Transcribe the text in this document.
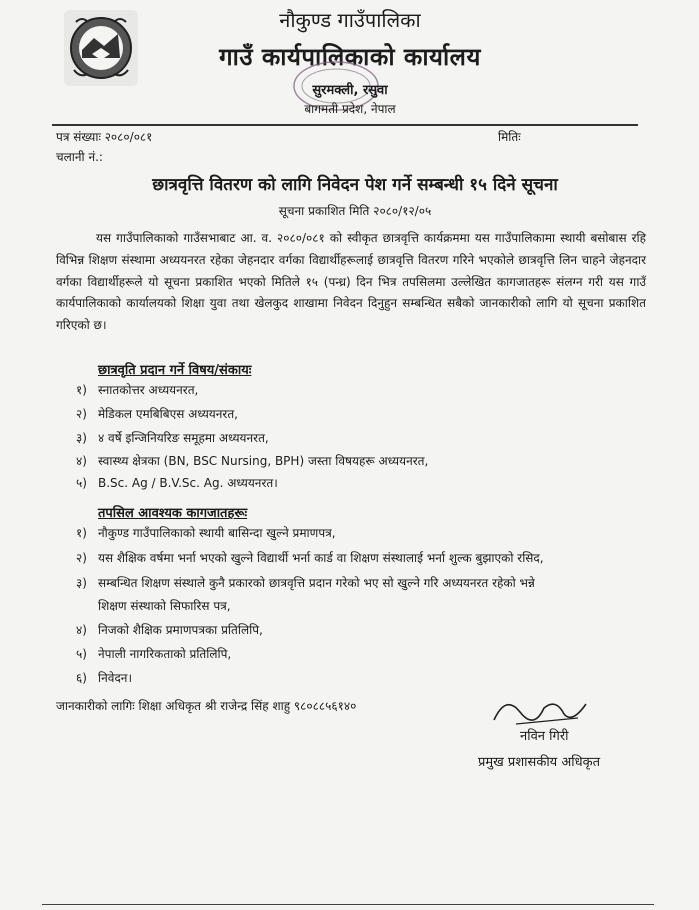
नौकुण्ड गाउँपालिका
गाउँ कार्यपालिकाको कार्यालय
सुरमक्ली, रसुवा
बागमती प्रदेश, नेपाल
पत्र संख्याः २०८०/०८१	मितिः
चलानी नं.:
छात्रवृत्ति वितरण को लागि निवेदन पेश गर्ने सम्बन्धी १५ दिने सूचना
सूचना प्रकाशित मिति २०८०/१२/०५
यस गाउँपालिकाको गाउँसभाबाट आ. व. २०८०/०८१ को स्वीकृत छात्रवृत्ति कार्यक्रममा यस गाउँपालिकामा स्थायी बसोबास रहि विभिन्न शिक्षण संस्थामा अध्ययनरत रहेका जेहनदार वर्गका विद्यार्थीहरूलाई छात्रवृत्ति वितरण गरिने भएकोले छात्रवृत्ति लिन चाहने जेहनदार वर्गका विद्यार्थीहरूले यो सूचना प्रकाशित भएको मितिले १५ (पन्ध्र) दिन भित्र तपसिलमा उल्लेखित कागजातहरू संलग्न गरी यस गाउँ कार्यपालिकाको कार्यालयको शिक्षा युवा तथा खेलकुद शाखामा निवेदन दिनुहुन सम्बन्धित सबैको जानकारीको लागि यो सूचना प्रकाशित गरिएको छ।
छात्रवृति प्रदान गर्ने विषय/संकायः
१) स्नातकोत्तर अध्ययनरत,
२) मेडिकल एमबिबिएस अध्ययनरत,
३) ४ वर्षे इन्जिनियरिङ समूहमा अध्ययनरत,
४) स्वास्थ्य क्षेत्रका (BN, BSC Nursing, BPH) जस्ता विषयहरू अध्ययनरत,
५) B.Sc. Ag / B.V.Sc. Ag. अध्ययनरत।
तपसिल आवश्यक कागजातहरूः
१) नौकुण्ड गाउँपालिकाको स्थायी बासिन्दा खुल्ने प्रमाणपत्र,
२) यस शैक्षिक वर्षमा भर्ना भएको खुल्ने विद्यार्थी भर्ना कार्ड वा शिक्षण संस्थालाई भर्ना शुल्क बुझाएको रसिद,
३) सम्बन्धित शिक्षण संस्थाले कुनै प्रकारको छात्रवृत्ति प्रदान गरेको भए सो खुल्ने गरि अध्ययनरत रहेको भन्ने
शिक्षण संस्थाको सिफारिस पत्र,
४) निजको शैक्षिक प्रमाणपत्रका प्रतिलिपि,
५) नेपाली नागरिकताको प्रतिलिपि,
६) निवेदन।
जानकारीको लागिः शिक्षा अधिकृत श्री राजेन्द्र सिंह शाहु ९८०८८५६१४०
नविन गिरी
प्रमुख प्रशासकीय अधिकृत
